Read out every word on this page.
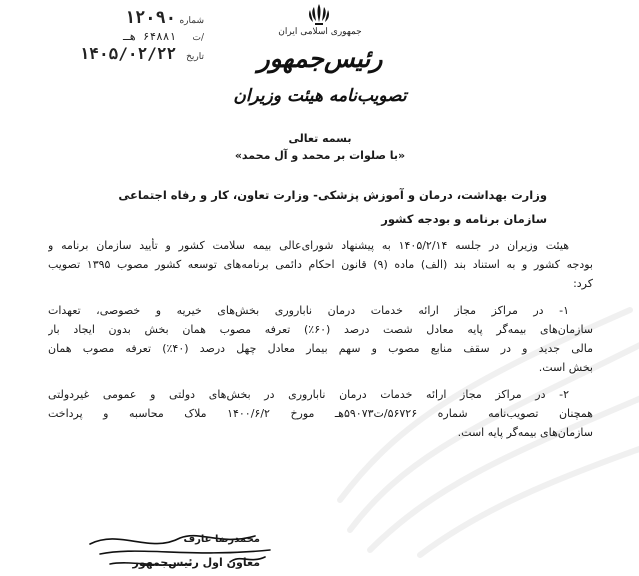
شماره
۱۲۰۹۰
/ت
۶۴۸۸۱ هـ
تاریخ
۱۴۰۵/۰۲/۲۲
جمهوری اسلامی ایران
رئیس‌جمهور
تصویب‌نامه هیئت وزیران
بسمه تعالی
«با صلوات بر محمد و آل محمد»
وزارت بهداشت، درمان و آموزش پزشکی- وزارت تعاون، کار و رفاه اجتماعی
سازمان برنامه و بودجه کشور
هیئت وزیران در جلسه ۱۴۰۵/۲/۱۴ به پیشنهاد شورای‌عالی بیمه سلامت کشور و تأیید سازمان برنامه و
بودجه کشور و به استناد بند (الف) ماده (۹) قانون احکام دائمی برنامه‌های توسعه کشور مصوب ۱۳۹۵ تصویب
کرد:
۱- در مراکز مجاز ارائه خدمات درمان ناباروری بخش‌های خیریه و خصوصی، تعهدات
سازمان‌های بیمه‌گر پایه معادل شصت درصد (۶۰٪) تعرفه مصوب همان بخش بدون ایجاد بار
مالی جدید و در سقف منابع مصوب و سهم بیمار معادل چهل درصد (۴۰٪) تعرفه مصوب همان
بخش است.
۲- در مراکز مجاز ارائه خدمات درمان ناباروری در بخش‌های دولتی و عمومی غیردولتی
همچنان تصویب‌نامه شماره ۵۶۷۲۶/ت۵۹۰۷۳هـ مورخ ۱۴۰۰/۶/۲ ملاک محاسبه و پرداخت
سازمان‌های بیمه‌گر پایه است.
محمدرضا عارف
معاون اول رئیس‌جمهور
